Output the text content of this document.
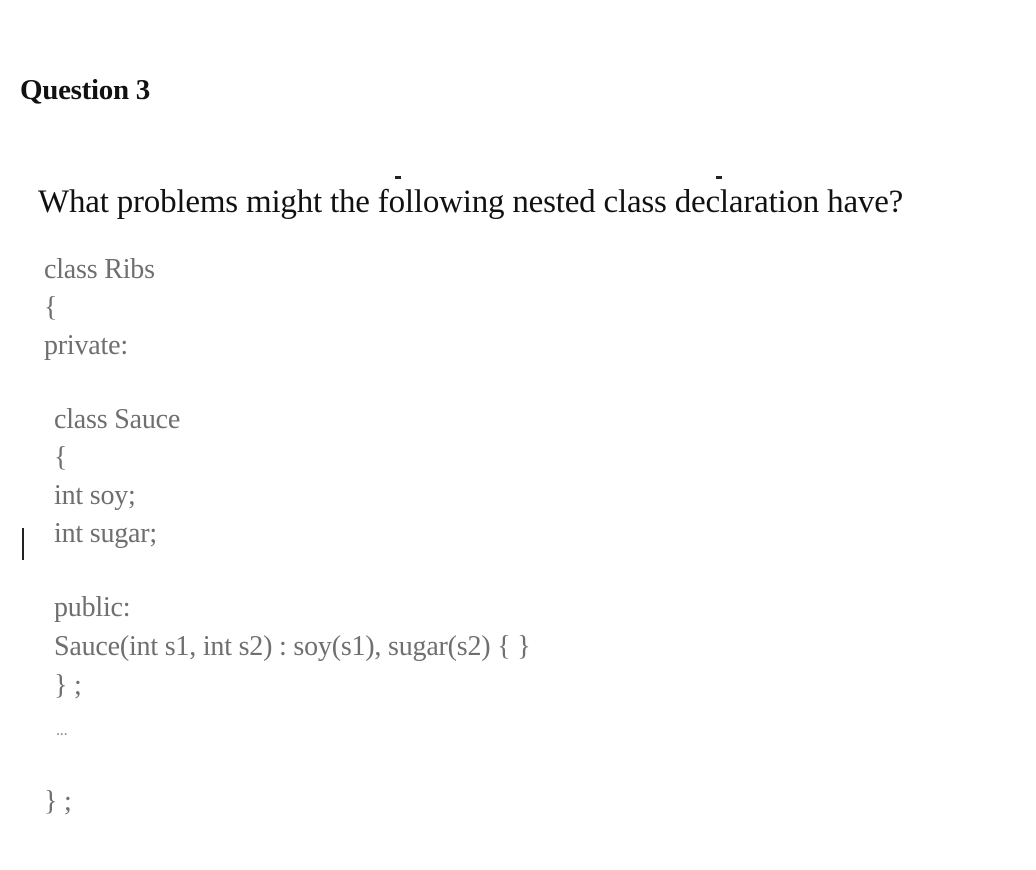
Question 3
What problems might the following nested class declaration have?
class Ribs
{
private:
class Sauce
{
int soy;
int sugar;
public:
Sauce(int s1, int s2) : soy(s1), sugar(s2) { }
} ;
...
} ;
